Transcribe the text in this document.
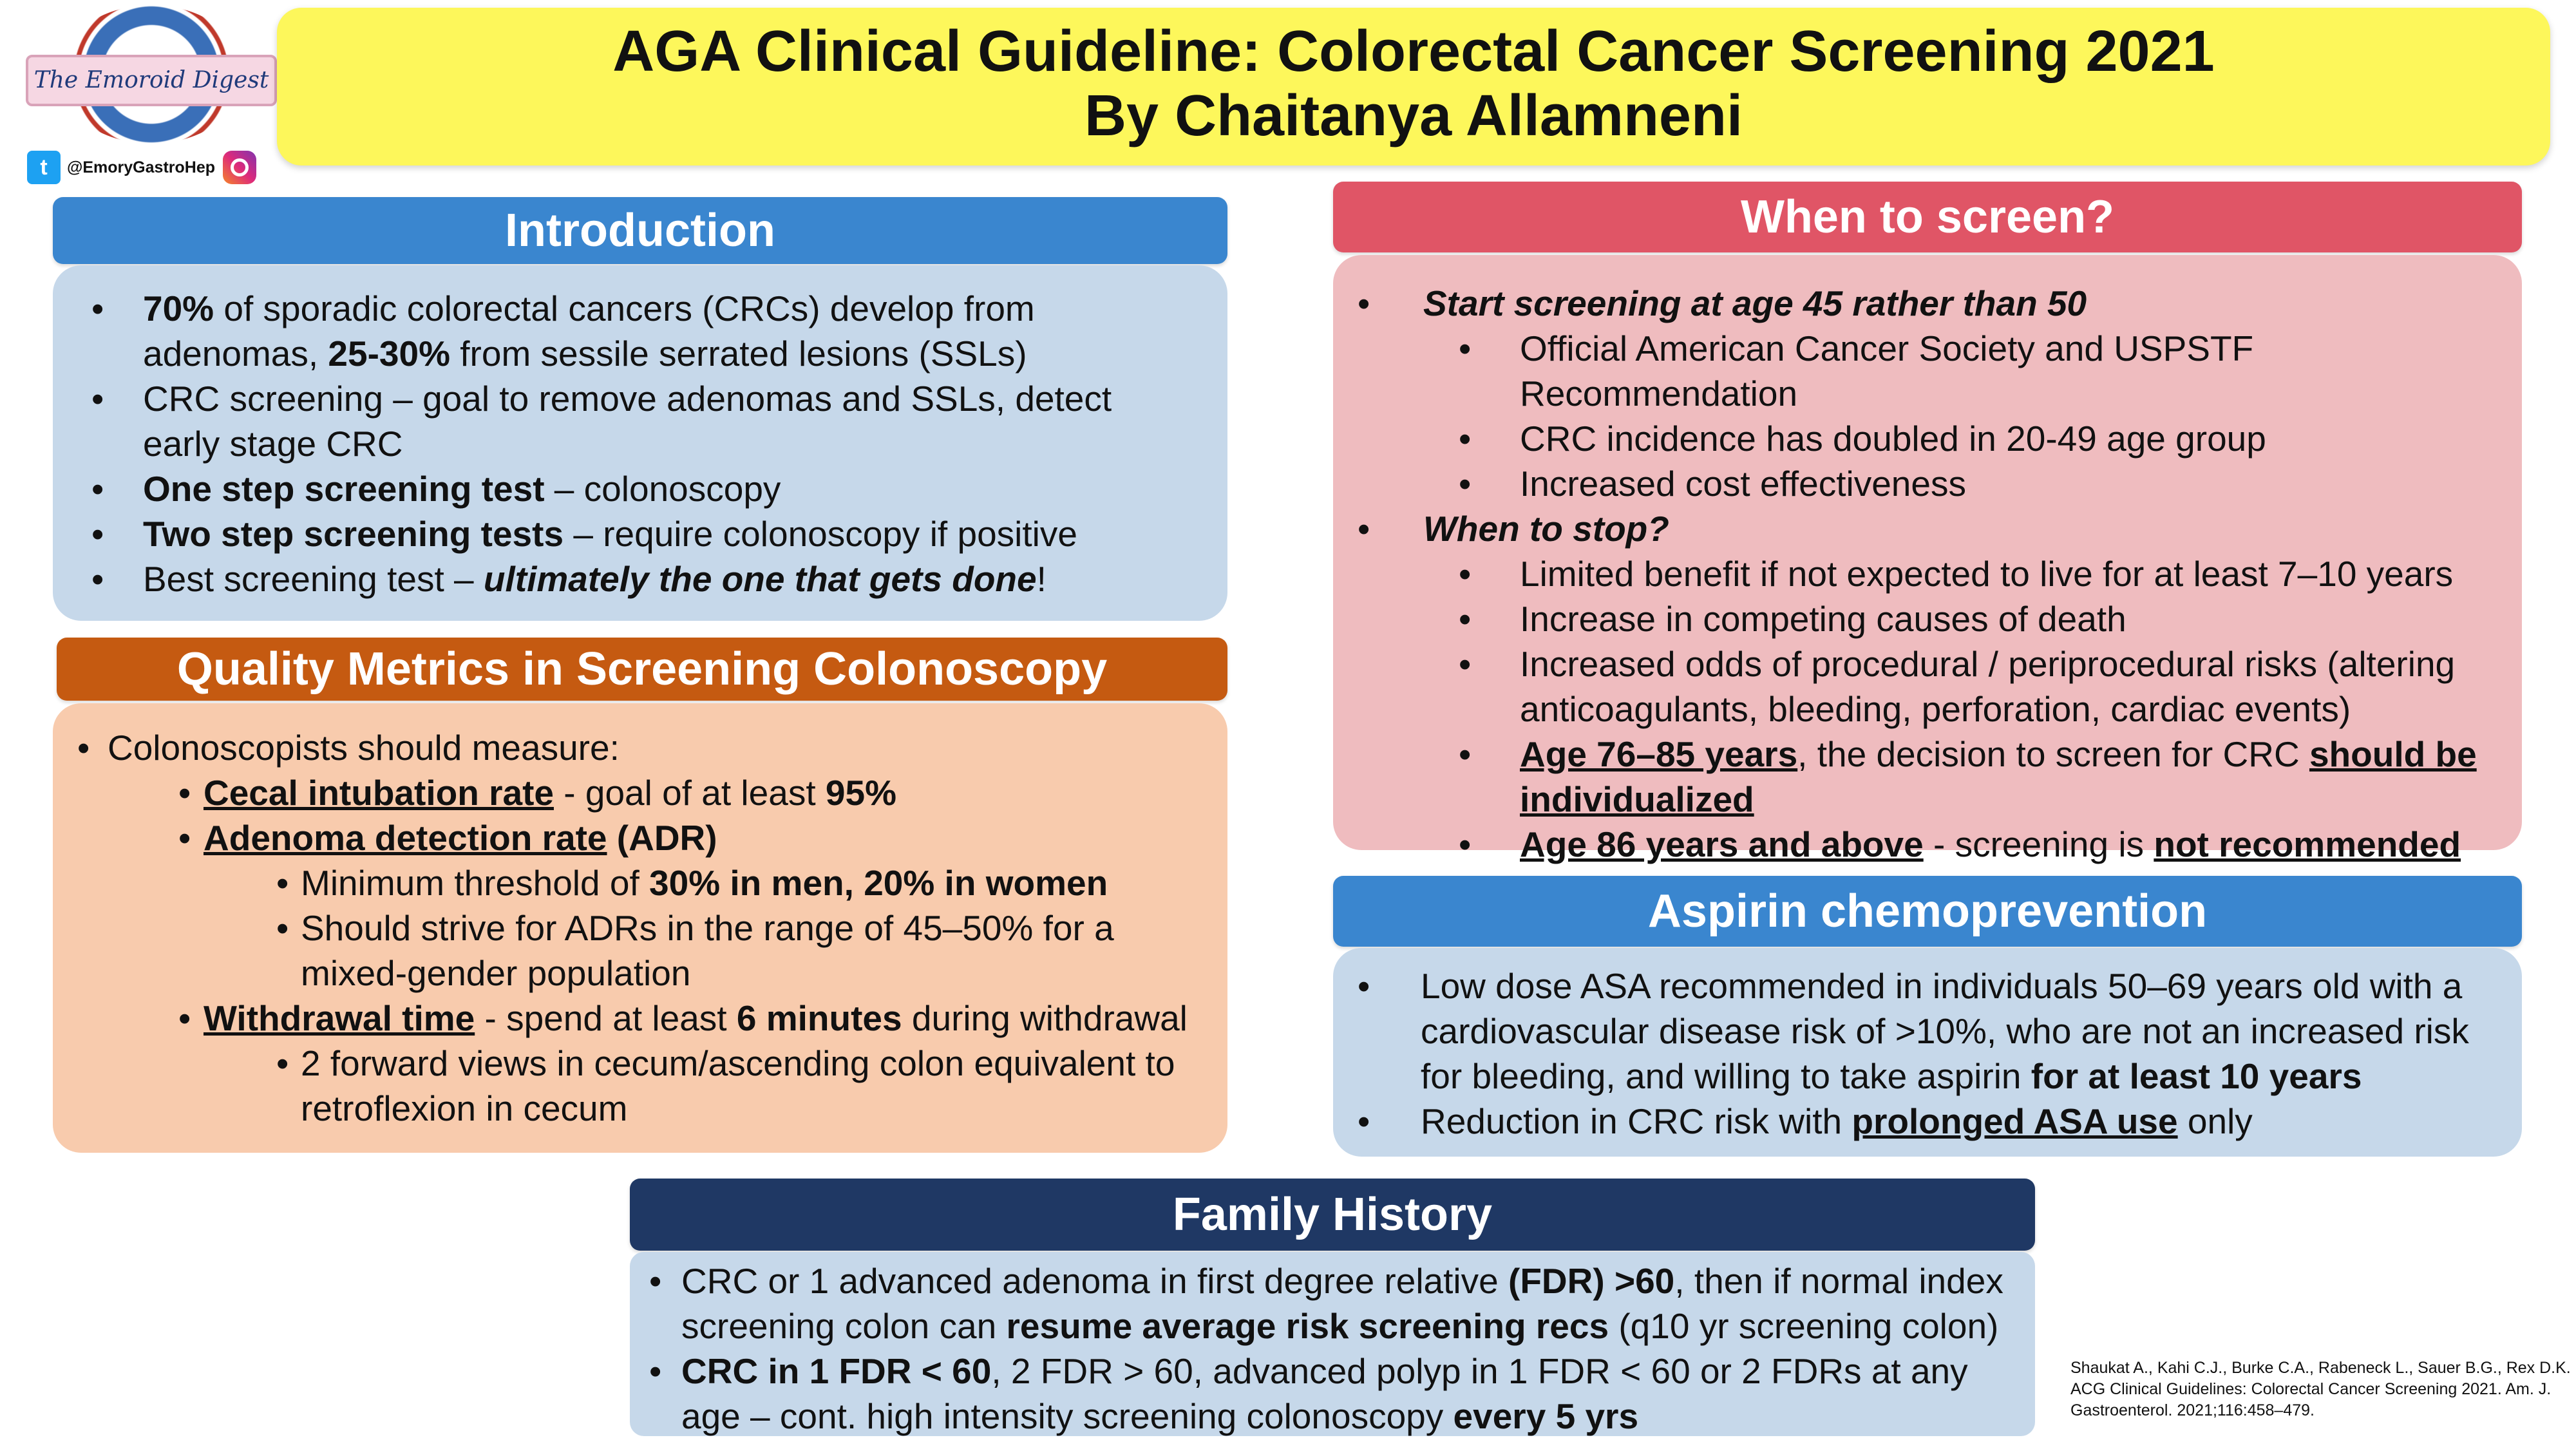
The Emoroid Digest
t	@EmoryGastroHep
AGA Clinical Guideline: Colorectal Cancer Screening 2021
By Chaitanya Allamneni
Introduction
• 70% of sporadic colorectal cancers (CRCs) develop from adenomas, 25-30% from sessile serrated lesions (SSLs)
• CRC screening – goal to remove adenomas and SSLs, detect early stage CRC
• One step screening test – colonoscopy
• Two step screening tests – require colonoscopy if positive
• Best screening test – ultimately the one that gets done!
Quality Metrics in Screening Colonoscopy
• Colonoscopists should measure:
• Cecal intubation rate - goal of at least 95%
• Adenoma detection rate (ADR)
• Minimum threshold of 30% in men, 20% in women
• Should strive for ADRs in the range of 45–50% for a mixed-gender population
• Withdrawal time - spend at least 6 minutes during withdrawal
• 2 forward views in cecum/ascending colon equivalent to retroflexion in cecum
When to screen?
• Start screening at age 45 rather than 50
• Official American Cancer Society and USPSTF Recommendation
• CRC incidence has doubled in 20-49 age group
• Increased cost effectiveness
• When to stop?
• Limited benefit if not expected to live for at least 7–10 years
• Increase in competing causes of death
• Increased odds of procedural / periprocedural risks (altering anticoagulants, bleeding, perforation, cardiac events)
• Age 76–85 years, the decision to screen for CRC should be individualized
• Age 86 years and above - screening is not recommended
Aspirin chemoprevention
• Low dose ASA recommended in individuals 50–69 years old with a cardiovascular disease risk of >10%, who are not an increased risk for bleeding, and willing to take aspirin for at least 10 years
• Reduction in CRC risk with prolonged ASA use only
Family History
• CRC or 1 advanced adenoma in first degree relative (FDR) >60, then if normal index screening colon can resume average risk screening recs (q10 yr screening colon)
• CRC in 1 FDR < 60, 2 FDR > 60, advanced polyp in 1 FDR < 60 or 2 FDRs at any age – cont. high intensity screening colonoscopy every 5 yrs
Shaukat A., Kahi C.J., Burke C.A., Rabeneck L., Sauer B.G., Rex D.K. ACG Clinical Guidelines: Colorectal Cancer Screening 2021. Am. J. Gastroenterol. 2021;116:458–479.
